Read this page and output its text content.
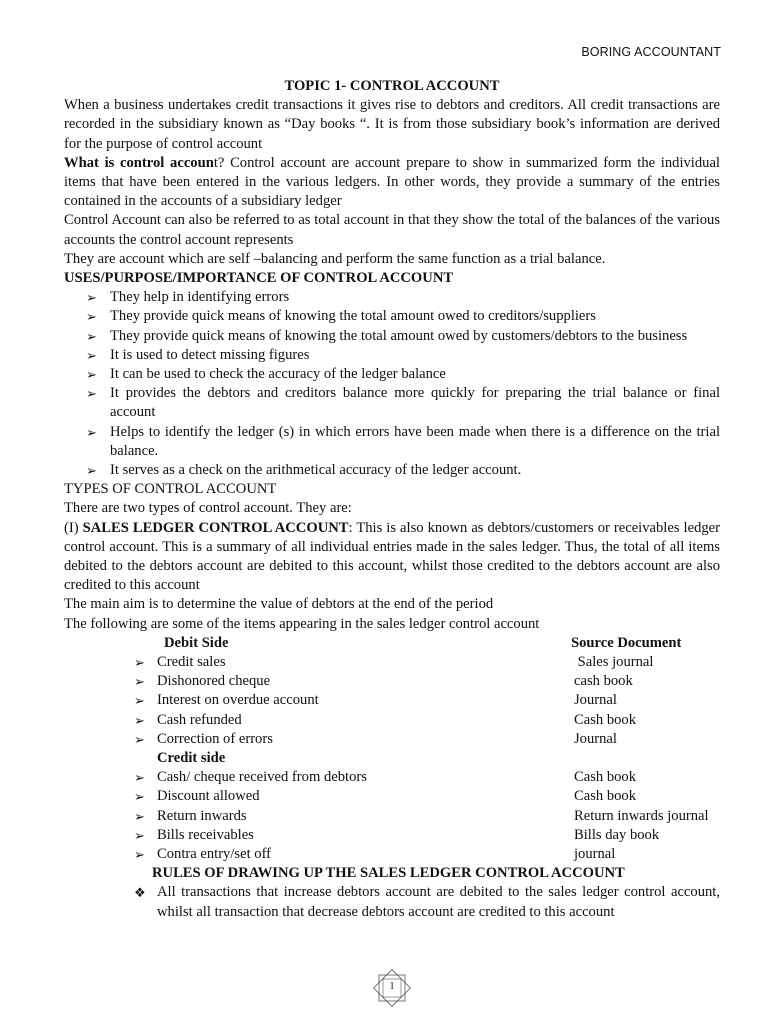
BORING ACCOUNTANT

TOPIC 1- CONTROL ACCOUNT

When a business undertakes credit transactions it gives rise to debtors and creditors. All credit transactions are recorded in the subsidiary known as “Day books “. It is from those subsidiary book’s information are derived for the purpose of control account

What is control account? Control account are account prepare to show in summarized form the individual items that have been entered in the various ledgers. In other words, they provide a summary of the entries contained in the accounts of a subsidiary ledger

Control Account can also be referred to as total account in that they show the total of the balances of the various accounts the control account represents

They are account which are self –balancing and perform the same function as a trial balance.

USES/PURPOSE/IMPORTANCE OF CONTROL ACCOUNT

➢ They help in identifying errors
➢ They provide quick means of knowing the total amount owed to creditors/suppliers
➢ They provide quick means of knowing the total amount owed by customers/debtors to the business
➢ It is used to detect missing figures
➢ It can be used to check the accuracy of the ledger balance
➢ It provides the debtors and creditors balance more quickly for preparing the trial balance or final account
➢ Helps to identify the ledger (s) in which errors have been made when there is a difference on the trial balance.
➢ It serves as a check on the arithmetical accuracy of the ledger account.

TYPES OF CONTROL ACCOUNT

There are two types of control account. They are:

(I) SALES LEDGER CONTROL ACCOUNT: This is also known as debtors/customers or receivables ledger control account. This is a summary of all individual entries made in the sales ledger. Thus, the total of all items debited to the debtors account are debited to this account, whilst those credited to the debtors account are also credited to this account

The main aim is to determine the value of debtors at the end of the period

The following are some of the items appearing in the sales ledger control account

Debit Side	Source Document
➢ Credit sales	Sales journal
➢ Dishonored cheque	cash book
➢ Interest on overdue account	Journal
➢ Cash refunded	Cash book
➢ Correction of errors	Journal
Credit side
➢ Cash/ cheque received from debtors	Cash book
➢ Discount allowed	Cash book
➢ Return inwards	Return inwards journal
➢ Bills receivables	Bills day book
➢ Contra entry/set off	journal

RULES OF DRAWING UP THE SALES LEDGER CONTROL ACCOUNT

❖ All transactions that increase debtors account are debited to the sales ledger control account, whilst all transaction that decrease debtors account are credited to this account
1
